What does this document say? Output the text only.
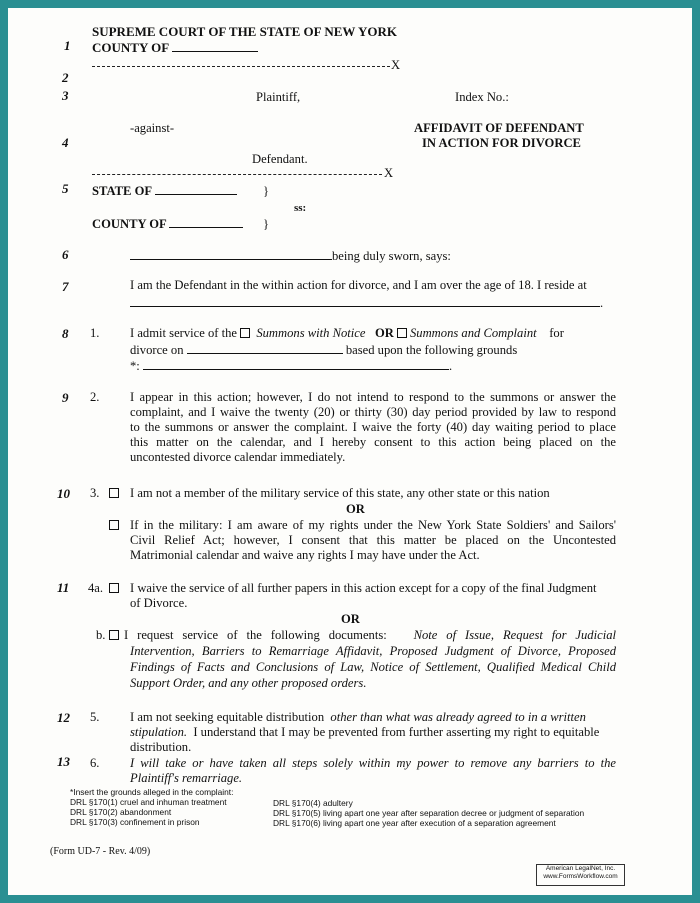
1
2
3
4
5
6
7
8
9
10
11
12
13
SUPREME COURT OF THE STATE OF NEW YORK
COUNTY OF
X
Plaintiff,	Index No.:
-against-	AFFIDAVIT OF DEFENDANT
IN ACTION FOR DIVORCE
Defendant.
X
STATE OF	}
ss:
COUNTY OF	}
being duly sworn, says:
I am the Defendant in the within action for divorce, and I am over the age of 18. I reside at
.
1. I admit service of the Summons with Notice OR Summons and Complaint for
divorce on	based upon the following grounds
*:	.
2. I appear in this action; however, I do not intend to respond to the summons or answer the
complaint, and I waive the twenty (20) or thirty (30) day period provided by law to respond
to the summons or answer the complaint. I waive the forty (40) day waiting period to place
this matter on the calendar, and I hereby consent to this action being placed on the
uncontested divorce calendar immediately.
3. I am not a member of the military service of this state, any other state or this nation
OR
If in the military: I am aware of my rights under the New York State Soldiers' and Sailors'
Civil Relief Act; however, I consent that this matter be placed on the Uncontested
Matrimonial calendar and waive any rights I may have under the Act.
4a. I waive the service of all further papers in this action except for a copy of the final Judgment
of Divorce.
OR
b. I request service of the following documents: Note of Issue, Request for Judicial
Intervention, Barriers to Remarriage Affidavit, Proposed Judgment of Divorce, Proposed
Findings of Facts and Conclusions of Law, Notice of Settlement, Qualified Medical Child
Support Order, and any other proposed orders.
5. I am not seeking equitable distribution other than what was already agreed to in a written
stipulation. I understand that I may be prevented from further asserting my right to equitable
distribution.
6. I will take or have taken all steps solely within my power to remove any barriers to the
Plaintiff's remarriage.
*Insert the grounds alleged in the complaint:
DRL §170(1) cruel and inhuman treatment
DRL §170(2) abandonment
DRL §170(3) confinement in prison
DRL §170(4) adultery
DRL §170(5) living apart one year after separation decree or judgment of separation
DRL §170(6) living apart one year after execution of a separation agreement
(Form UD-7 - Rev. 4/09)
American LegalNet, Inc.
www.FormsWorkflow.com
